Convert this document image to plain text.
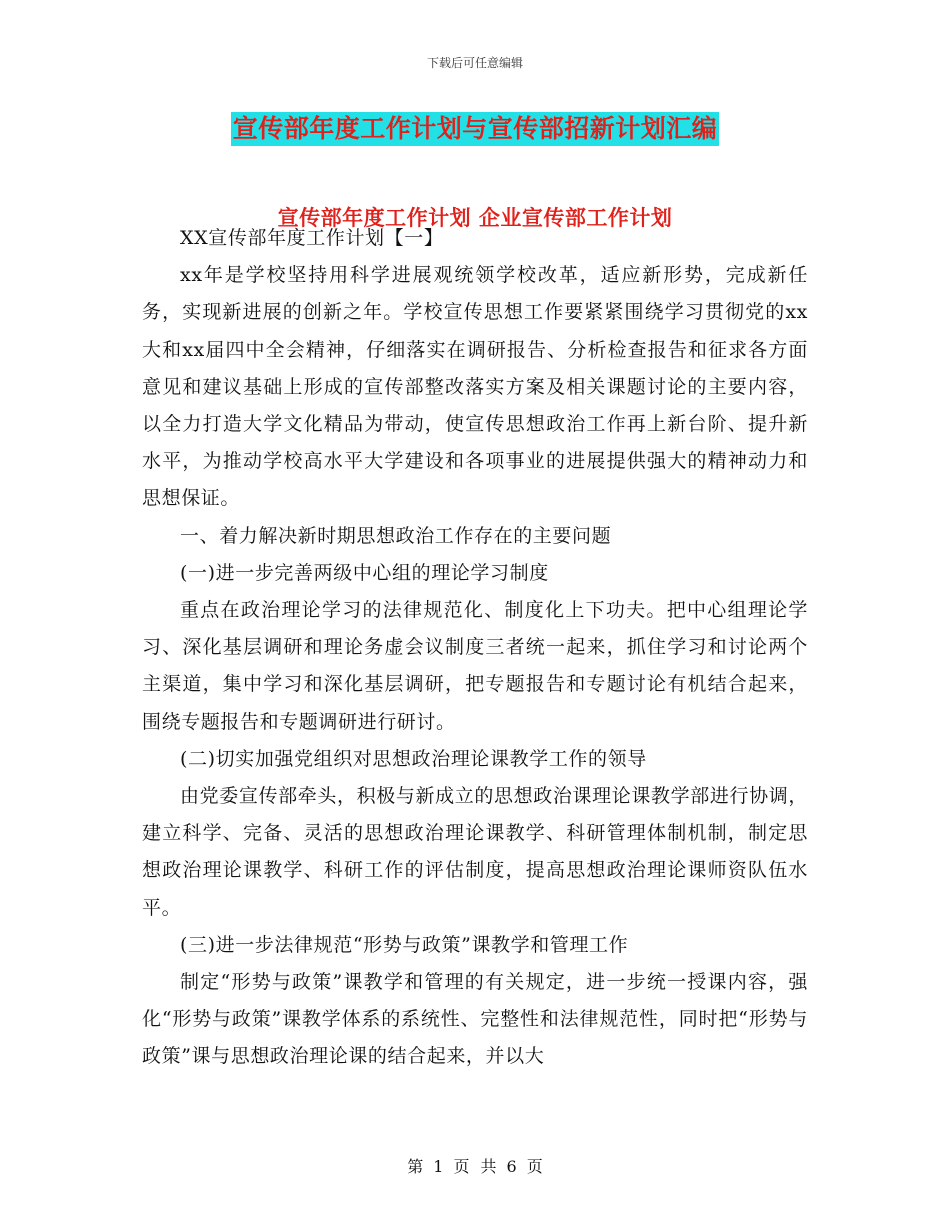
下载后可任意编辑
宣传部年度工作计划与宣传部招新计划汇编
宣传部年度工作计划 企业宣传部工作计划

XX宣传部年度工作计划【一】

xx年是学校坚持用科学进展观统领学校改革，适应新形势，完成新任务，实现新进展的创新之年。学校宣传思想工作要紧紧围绕学习贯彻党的xx大和xx届四中全会精神，仔细落实在调研报告、分析检查报告和征求各方面意见和建议基础上形成的宣传部整改落实方案及相关课题讨论的主要内容，以全力打造大学文化精品为带动，使宣传思想政治工作再上新台阶、提升新水平，为推动学校高水平大学建设和各项事业的进展提供强大的精神动力和思想保证。

一、着力解决新时期思想政治工作存在的主要问题

(一)进一步完善两级中心组的理论学习制度

重点在政治理论学习的法律规范化、制度化上下功夫。把中心组理论学习、深化基层调研和理论务虚会议制度三者统一起来，抓住学习和讨论两个主渠道，集中学习和深化基层调研，把专题报告和专题讨论有机结合起来，围绕专题报告和专题调研进行研讨。

(二)切实加强党组织对思想政治理论课教学工作的领导

由党委宣传部牵头，积极与新成立的思想政治课理论课教学部进行协调，建立科学、完备、灵活的思想政治理论课教学、科研管理体制机制，制定思想政治理论课教学、科研工作的评估制度，提高思想政治理论课师资队伍水平。

(三)进一步法律规范“形势与政策”课教学和管理工作

制定“形势与政策”课教学和管理的有关规定，进一步统一授课内容，强化“形势与政策”课教学体系的系统性、完整性和法律规范性，同时把“形势与政策”课与思想政治理论课的结合起来，并以大

第 1 页 共 6 页
